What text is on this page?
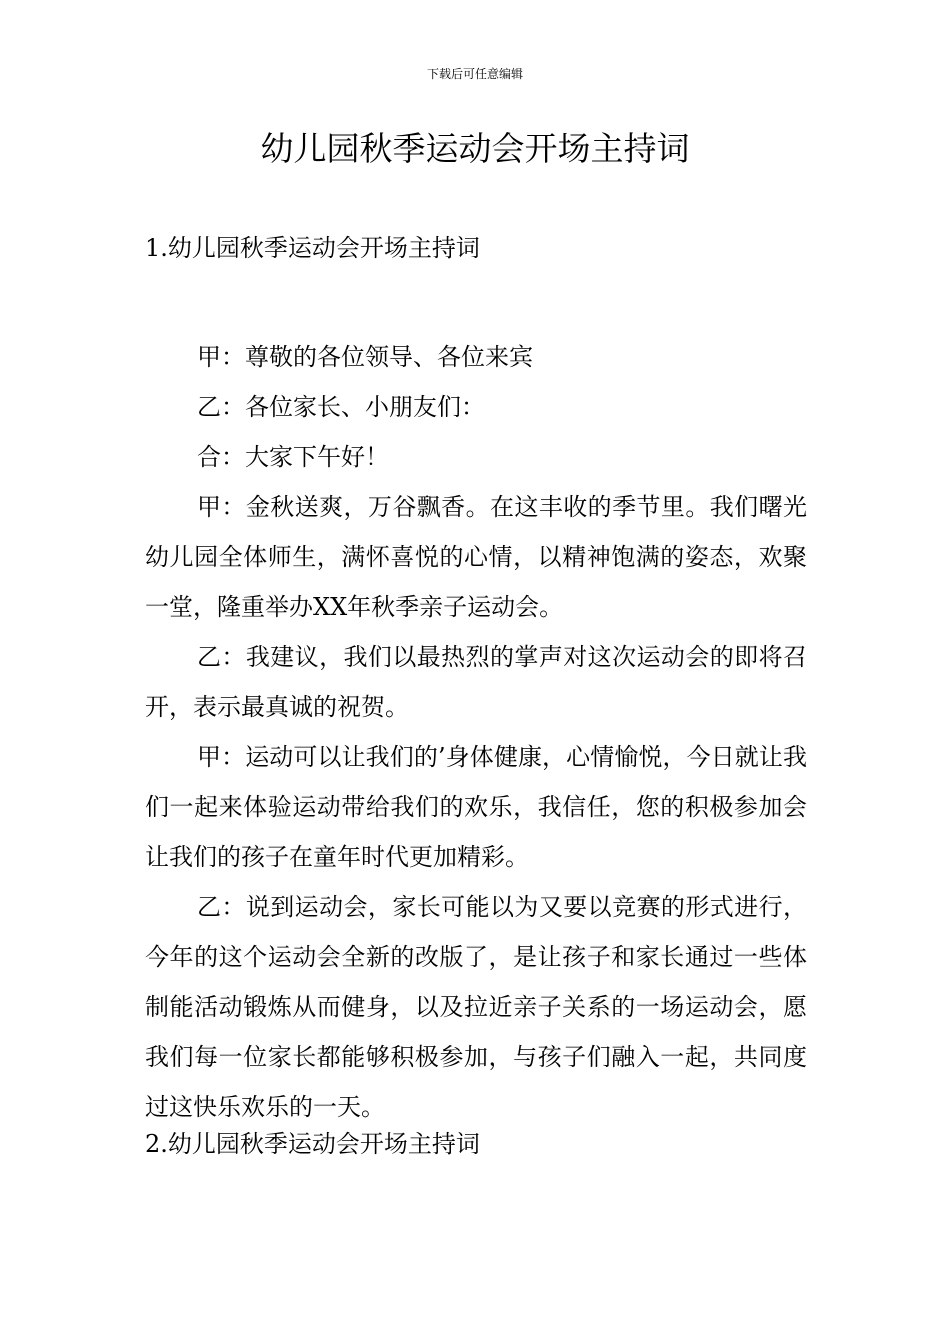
下载后可任意编辑
幼儿园秋季运动会开场主持词
1.幼儿园秋季运动会开场主持词

甲：尊敬的各位领导、各位来宾

乙：各位家长、小朋友们：

合：大家下午好！

甲：金秋送爽，万谷飘香。在这丰收的季节里。我们曙光幼儿园全体师生，满怀喜悦的心情，以精神饱满的姿态，欢聚一堂，隆重举办XX年秋季亲子运动会。

乙：我建议，我们以最热烈的掌声对这次运动会的即将召开，表示最真诚的祝贺。

甲：运动可以让我们的’身体健康，心情愉悦，今日就让我们一起来体验运动带给我们的欢乐，我信任，您的积极参加会让我们的孩子在童年时代更加精彩。

乙：说到运动会，家长可能以为又要以竞赛的形式进行，今年的这个运动会全新的改版了，是让孩子和家长通过一些体制能活动锻炼从而健身，以及拉近亲子关系的一场运动会，愿我们每一位家长都能够积极参加，与孩子们融入一起，共同度过这快乐欢乐的一天。

2.幼儿园秋季运动会开场主持词
